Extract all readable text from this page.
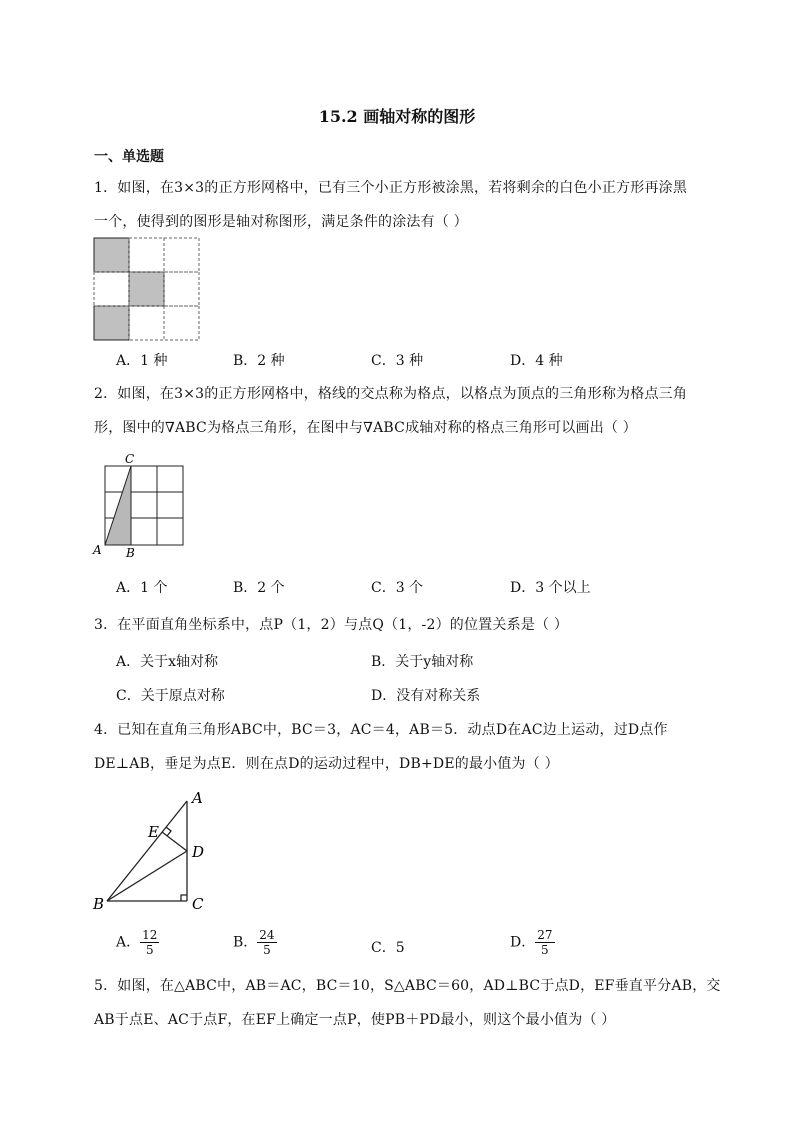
15.2 画轴对称的图形
一、单选题
1．如图，在3×3的正方形网格中，已有三个小正方形被涂黑，若将剩余的白色小正方形再涂黑
一个，使得到的图形是轴对称图形，满足条件的涂法有（ ）
A．1 种	B．2 种	C．3 种	D．4 种
2．如图，在3×3的正方形网格中，格线的交点称为格点，以格点为顶点的三角形称为格点三角
形，图中的∇ABC为格点三角形，在图中与∇ABC成轴对称的格点三角形可以画出（ ）
C
A B
A．1 个	B．2 个	C．3 个	D．3 个以上
3．在平面直角坐标系中，点P（1，2）与点Q（1，-2）的位置关系是（ ）
A．关于x轴对称	B．关于y轴对称
C．关于原点对称	D．没有对称关系
4．已知在直角三角形ABC中，BC＝3，AC＝4，AB＝5．动点D在AC边上运动，过D点作
DE⊥AB，垂足为点E．则在点D的运动过程中，DB+DE的最小值为（ ）
A
E
D
B	C
A． $\frac{12}{5}$	B． $\frac{24}{5}$	C．5	D． $\frac{27}{5}$
5．如图，在△ABC中，AB＝AC，BC＝10，S△ABC＝60，AD⊥BC于点D，EF垂直平分AB，交
AB于点E、AC于点F，在EF上确定一点P，使PB＋PD最小，则这个最小值为（ ）
